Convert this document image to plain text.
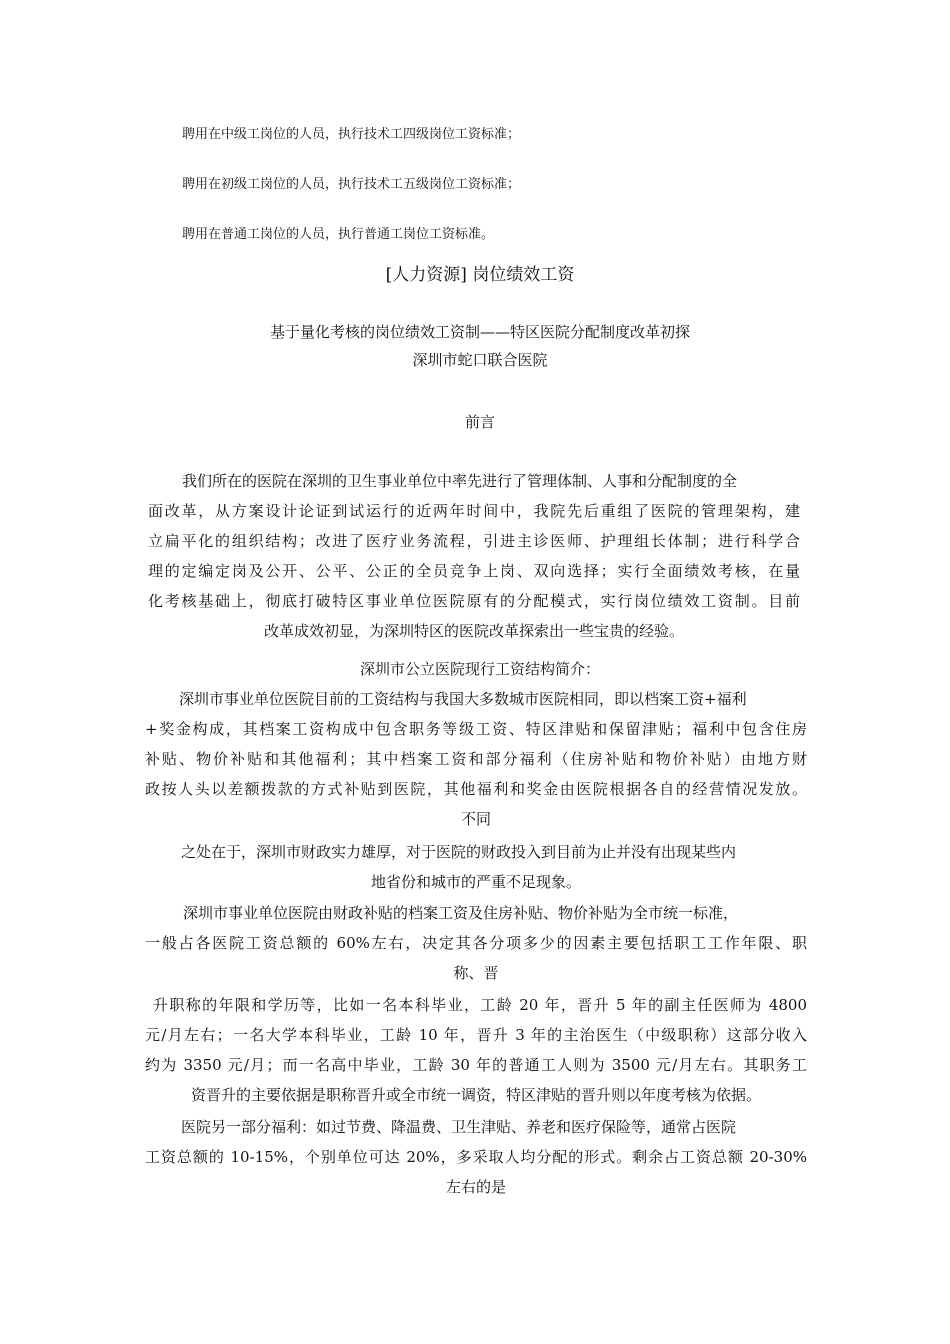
聘用在中级工岗位的人员，执行技术工四级岗位工资标准；
聘用在初级工岗位的人员，执行技术工五级岗位工资标准；
聘用在普通工岗位的人员，执行普通工岗位工资标准。
[人力资源] 岗位绩效工资
基于量化考核的岗位绩效工资制——特区医院分配制度改革初探
深圳市蛇口联合医院
前言
我们所在的医院在深圳的卫生事业单位中率先进行了管理体制、人事和分配制度的全
面改革，从方案设计论证到试运行的近两年时间中，我院先后重组了医院的管理架构，建
立扁平化的组织结构；改进了医疗业务流程，引进主诊医师、护理组长体制；进行科学合
理的定编定岗及公开、公平、公正的全员竞争上岗、双向选择；实行全面绩效考核，在量
化考核基础上，彻底打破特区事业单位医院原有的分配模式，实行岗位绩效工资制。目前
改革成效初显，为深圳特区的医院改革探索出一些宝贵的经验。
深圳市公立医院现行工资结构简介：
深圳市事业单位医院目前的工资结构与我国大多数城市医院相同，即以档案工资+福利
+奖金构成，其档案工资构成中包含职务等级工资、特区津贴和保留津贴；福利中包含住房
补贴、物价补贴和其他福利；其中档案工资和部分福利（住房补贴和物价补贴）由地方财
政按人头以差额拨款的方式补贴到医院，其他福利和奖金由医院根据各自的经营情况发放。
不同
之处在于，深圳市财政实力雄厚，对于医院的财政投入到目前为止并没有出现某些内
地省份和城市的严重不足现象。
深圳市事业单位医院由财政补贴的档案工资及住房补贴、物价补贴为全市统一标准，
一般占各医院工资总额的 60%左右，决定其各分项多少的因素主要包括职工工作年限、职
称、晋
升职称的年限和学历等，比如一名本科毕业，工龄 20 年，晋升 5 年的副主任医师为 4800
元/月左右；一名大学本科毕业，工龄 10 年，晋升 3 年的主治医生（中级职称）这部分收入
约为 3350 元/月；而一名高中毕业，工龄 30 年的普通工人则为 3500 元/月左右。其职务工
资晋升的主要依据是职称晋升或全市统一调资，特区津贴的晋升则以年度考核为依据。
医院另一部分福利：如过节费、降温费、卫生津贴、养老和医疗保险等，通常占医院
工资总额的 10-15%，个别单位可达 20%，多采取人均分配的形式。剩余占工资总额 20-30%
左右的是
